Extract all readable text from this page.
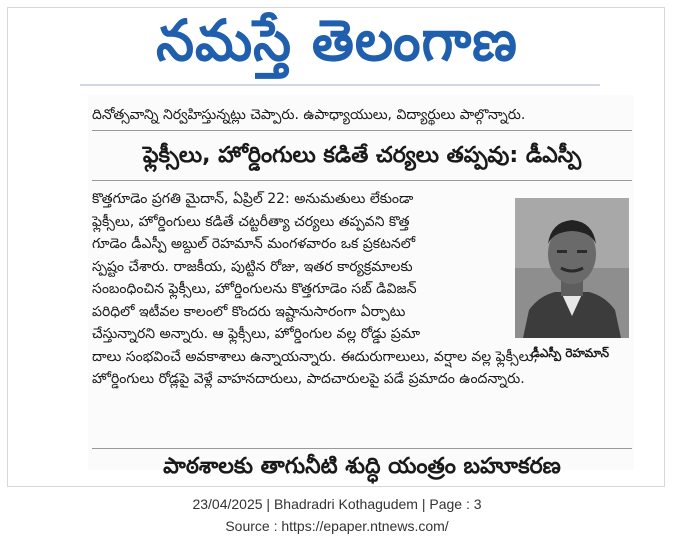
నమస్తే తెలంగాణ
దినోత్సవాన్ని నిర్వహిస్తున్నట్లు చెప్పారు. ఉపాధ్యాయులు, విద్యార్థులు పాల్గొన్నారు.
ఫ్లెక్సీలు, హోర్డింగులు కడితే చర్యలు తప్పవు: డీఎస్పీ
కొత్తగూడెం ప్రగతి మైదాన్, ఏప్రిల్ 22: అనుమతులు లేకుండా
ఫ్లెక్సీలు, హోర్డింగులు కడితే చట్టరీత్యా చర్యలు తప్పవని కొత్త
గూడెం డీఎస్పీ అబ్దుల్ రెహమాన్ మంగళవారం ఒక ప్రకటనలో
స్పష్టం చేశారు. రాజకీయ, పుట్టిన రోజు, ఇతర కార్యక్రమాలకు
సంబంధించిన ఫ్లెక్సీలు, హోర్డింగులను కొత్తగూడెం సబ్ డివిజన్
పరిధిలో ఇటీవల కాలంలో కొందరు ఇష్టానుసారంగా ఏర్పాటు
చేస్తున్నారని అన్నారు. ఆ ఫ్లెక్సీలు, హోర్డింగుల వల్ల రోడ్డు ప్రమా
దాలు సంభవించే అవకాశాలు ఉన్నాయన్నారు. ఈదురుగాలులు, వర్షాల వల్ల ఫ్లెక్సీలు,
హోర్డింగులు రోడ్లపై వెళ్లే వాహనదారులు, పాదచారులపై పడే ప్రమాదం ఉందన్నారు.
డీఎస్పీ రెహమాన్
పాఠశాలకు తాగునీటి శుద్ధి యంత్రం బహూకరణ
23/04/2025 | Bhadradri Kothagudem | Page : 3
Source : https://epaper.ntnews.com/
